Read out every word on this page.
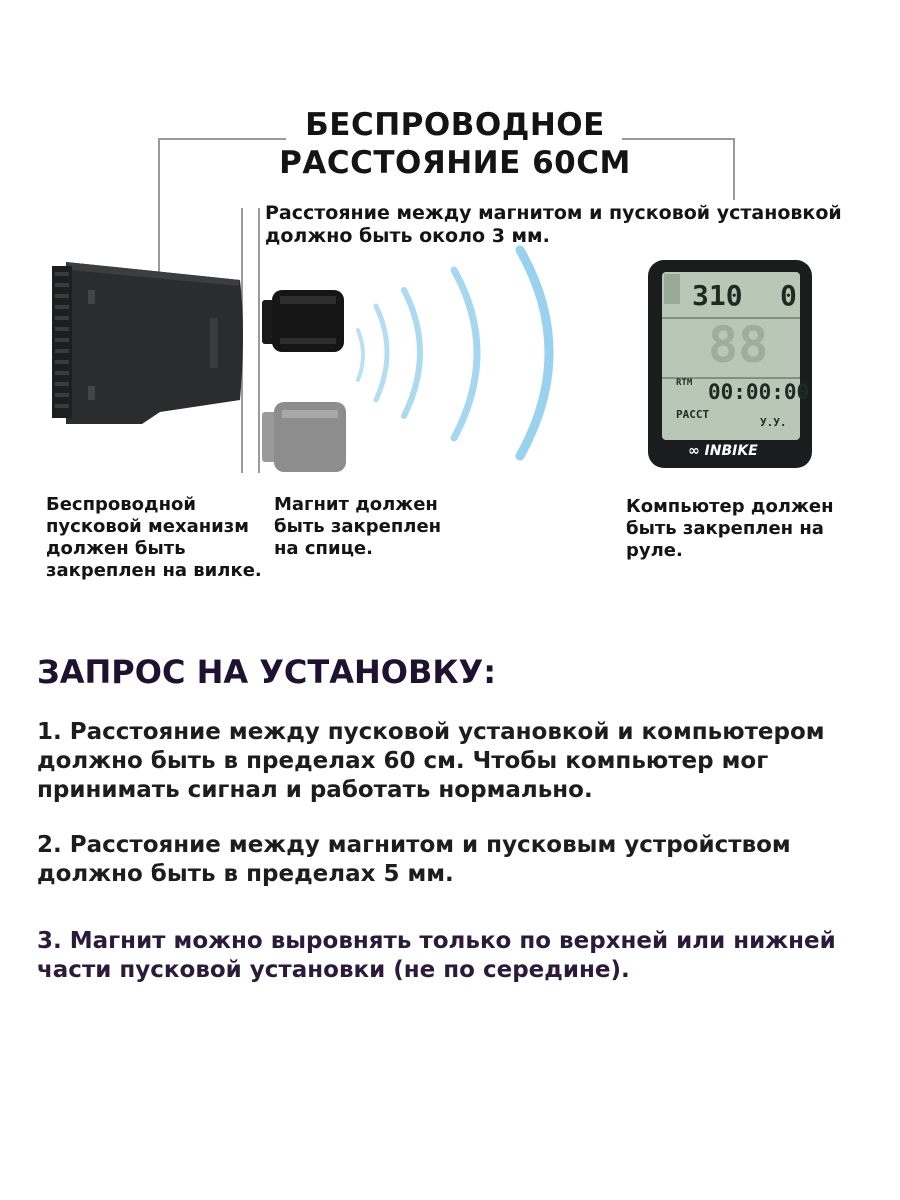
БЕСПРОВОДНОЕ
РАССТОЯНИЕ 60СМ
Расстояние между магнитом и пусковой установкой
должно быть около 3 мм.
310 0
88
RTM 00:00:00
РАССТ
У.У.
∞ INBIKE
Беспроводной
пусковой механизм
должен быть
закреплен на вилке.
Магнит должен
быть закреплен
на спице.
Компьютер должен
быть закреплен на
руле.
ЗАПРОС НА УСТАНОВКУ:
1. Расстояние между пусковой установкой и компьютером
должно быть в пределах 60 см. Чтобы компьютер мог
принимать сигнал и работать нормально.
2. Расстояние между магнитом и пусковым устройством
должно быть в пределах 5 мм.
3. Магнит можно выровнять только по верхней или нижней
части пусковой установки (не по середине).
